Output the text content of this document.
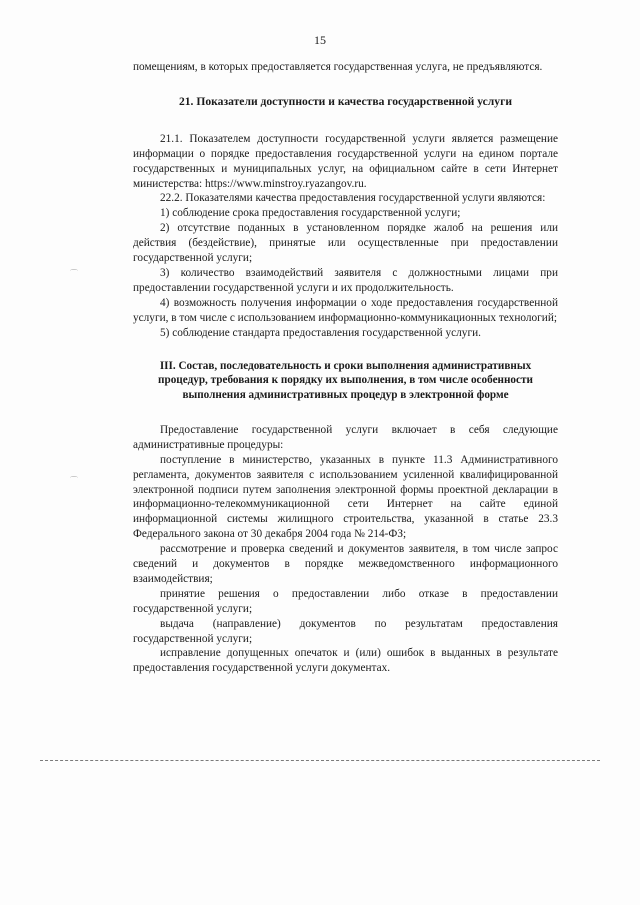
15
⌒
⌒

помещениям, в которых предоставляется государственная услуга, не предъявляются.

21. Показатели доступности и качества государственной услуги

21.1. Показателем доступности государственной услуги является размещение информации о порядке предоставления государственной услуги на едином портале государственных и муниципальных услуг, на официальном сайте в сети Интернет министерства: https://www.minstroy.ryazangov.ru.

22.2. Показателями качества предоставления государственной услуги являются:

1) соблюдение срока предоставления государственной услуги;

2) отсутствие поданных в установленном порядке жалоб на решения или действия (бездействие), принятые или осуществленные при предоставлении государственной услуги;

3) количество взаимодействий заявителя с должностными лицами при предоставлении государственной услуги и их продолжительность.

4) возможность получения информации о ходе предоставления государственной услуги, в том числе с использованием информационно-коммуникационных технологий;

5) соблюдение стандарта предоставления государственной услуги.

III. Состав, последовательность и сроки выполнения административных процедур, требования к порядку их выполнения, в том числе особенности выполнения административных процедур в электронной форме

Предоставление государственной услуги включает в себя следующие административные процедуры:

поступление в министерство, указанных в пункте 11.3 Административного регламента, документов заявителя с использованием усиленной квалифицированной электронной подписи путем заполнения электронной формы проектной декларации в информационно-телекоммуникационной сети Интернет на сайте единой информационной системы жилищного строительства, указанной в статье 23.3 Федерального закона от 30 декабря 2004 года № 214-ФЗ;

рассмотрение и проверка сведений и документов заявителя, в том числе запрос сведений и документов в порядке межведомственного информационного взаимодействия;

принятие решения о предоставлении либо отказе в предоставлении государственной услуги;

выдача (направление) документов по результатам предоставления государственной услуги;

исправление допущенных опечаток и (или) ошибок в выданных в результате предоставления государственной услуги документах.
